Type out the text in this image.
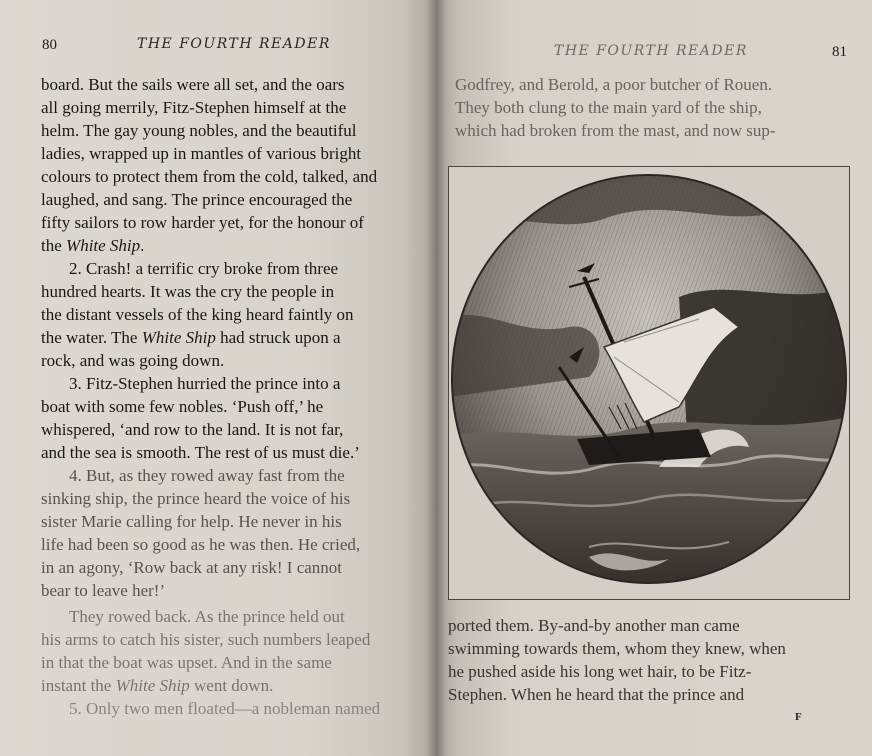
80	THE FOURTH READER
board. But the sails were all set, and the oars
all going merrily, Fitz-Stephen himself at the
helm. The gay young nobles, and the beautiful
ladies, wrapped up in mantles of various bright
colours to protect them from the cold, talked, and
laughed, and sang. The prince encouraged the
fifty sailors to row harder yet, for the honour of
the White Ship.
2. Crash! a terrific cry broke from three
hundred hearts. It was the cry the people in
the distant vessels of the king heard faintly on
the water. The White Ship had struck upon a
rock, and was going down.
3. Fitz-Stephen hurried the prince into a
boat with some few nobles. ‘Push off,’ he
whispered, ‘and row to the land. It is not far,
and the sea is smooth. The rest of us must die.’
4. But, as they rowed away fast from the
sinking ship, the prince heard the voice of his
sister Marie calling for help. He never in his
life had been so good as he was then. He cried,
in an agony, ‘Row back at any risk! I cannot
bear to leave her!’
They rowed back. As the prince held out
his arms to catch his sister, such numbers leaped
in that the boat was upset. And in the same
instant the White Ship went down.
5. Only two men floated—a nobleman named
THE FOURTH READER	81
Godfrey, and Berold, a poor butcher of Rouen.
They both clung to the main yard of the ship,
which had broken from the mast, and now sup-
ported them. By-and-by another man came
swimming towards them, whom they knew, when
he pushed aside his long wet hair, to be Fitz-
Stephen. When he heard that the prince and
F
